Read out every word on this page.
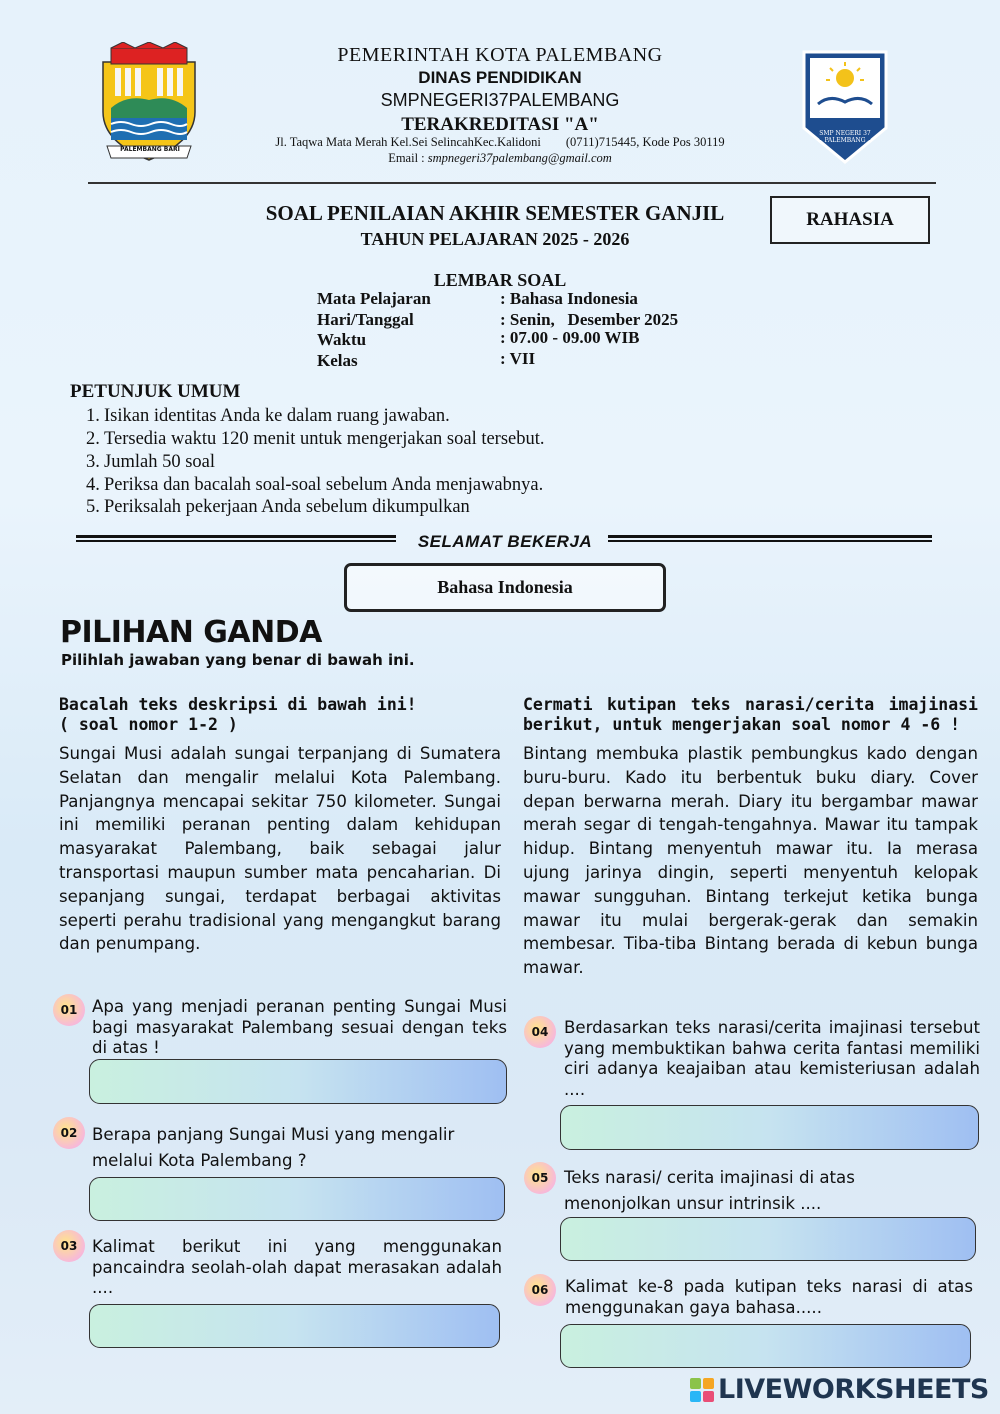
PALEMBANG BARI
SMP NEGERI 37 PALEMBANG
PEMERINTAH KOTA PALEMBANG
DINAS PENDIDIKAN
SMPNEGERI37PALEMBANG
TERAKREDITASI "A"
Jl. Taqwa Mata Merah Kel.Sei SelincahKec.Kalidoni        (0711)715445, Kode Pos 30119
Email : smpnegeri37palembang@gmail.com
SOAL PENILAIAN AKHIR SEMESTER GANJIL
TAHUN PELAJARAN 2025 - 2026
RAHASIA
LEMBAR SOAL
Mata Pelajaran	: Bahasa Indonesia
Hari/Tanggal	: Senin,   Desember 2025
Waktu	: 07.00 - 09.00 WIB
Kelas	: VII
PETUNJUK UMUM
1. Isikan identitas Anda ke dalam ruang jawaban.
2. Tersedia waktu 120 menit untuk mengerjakan soal tersebut.
3. Jumlah 50 soal
4. Periksa dan bacalah soal-soal sebelum Anda menjawabnya.
5. Periksalah pekerjaan Anda sebelum dikumpulkan
SELAMAT BEKERJA
Bahasa Indonesia
PILIHAN GANDA
Pilihlah jawaban yang benar di bawah ini.
Bacalah teks deskripsi di bawah ini!
( soal nomor 1-2 )
Sungai Musi adalah sungai terpanjang di Sumatera Selatan dan mengalir melalui Kota Palembang. Panjangnya mencapai sekitar 750 kilometer. Sungai ini memiliki peranan penting dalam kehidupan masyarakat Palembang, baik sebagai jalur transportasi maupun sumber mata pencaharian. Di sepanjang sungai, terdapat berbagai aktivitas seperti perahu tradisional yang mengangkut barang dan penumpang.
Cermati kutipan teks narasi/cerita imajinasi
berikut, untuk mengerjakan soal nomor 4 -6 !
Bintang membuka plastik pembungkus kado dengan buru-buru. Kado itu berbentuk buku diary. Cover depan berwarna merah. Diary itu bergambar mawar merah segar di tengah-tengahnya. Mawar itu tampak hidup. Bintang menyentuh mawar itu. Ia merasa ujung jarinya dingin, seperti menyentuh kelopak mawar sungguhan. Bintang terkejut ketika bunga mawar itu mulai bergerak-gerak dan semakin membesar. Tiba-tiba Bintang berada di kebun bunga mawar.
01 Apa yang menjadi peranan penting Sungai Musi bagi masyarakat Palembang sesuai dengan teks di atas !
02 Berapa panjang Sungai Musi yang mengalir melalui Kota Palembang ?
03 Kalimat berikut ini yang menggunakan pancaindra seolah-olah dapat merasakan adalah ....
04 Berdasarkan teks narasi/cerita imajinasi tersebut yang membuktikan bahwa cerita fantasi memiliki ciri adanya keajaiban atau kemisteriusan adalah ....
05 Teks narasi/ cerita imajinasi di atas menonjolkan unsur intrinsik ....
06	Kalimat ke-8 pada kutipan teks narasi di atas menggunakan gaya bahasa.....
LIVEWORKSHEETS
